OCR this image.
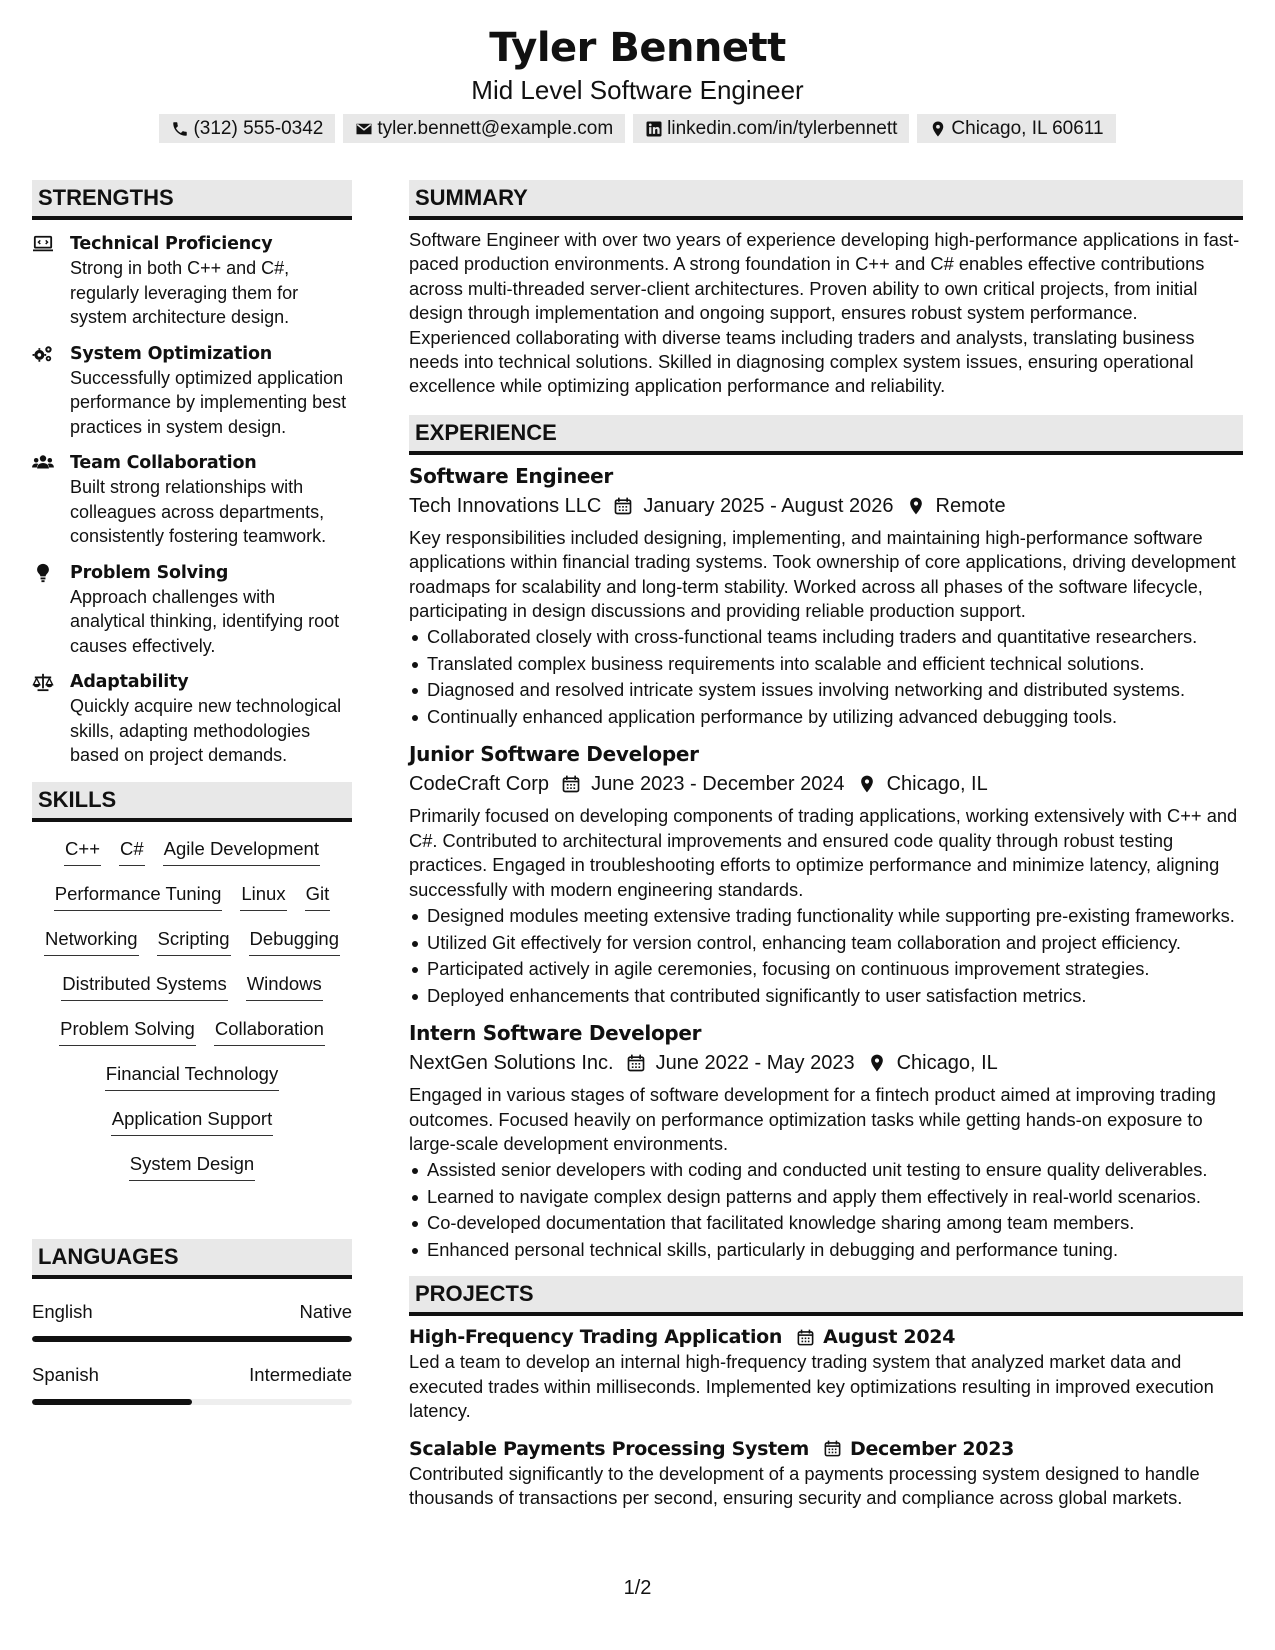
Tyler Bennett
Mid Level Software Engineer
(312) 555-0342	tyler.bennett@example.com	linkedin.com/in/tylerbennett	Chicago, IL 60611
STRENGTHS
Technical Proficiency
Strong in both C++ and C#, regularly leveraging them for system architecture design.
System Optimization
Successfully optimized application performance by implementing best practices in system design.
Team Collaboration
Built strong relationships with colleagues across departments, consistently fostering teamwork.
Problem Solving
Approach challenges with analytical thinking, identifying root causes effectively.
Adaptability
Quickly acquire new technological skills, adapting methodologies based on project demands.
SKILLS
C++ C# Agile Development
Performance Tuning Linux Git
Networking Scripting Debugging
Distributed Systems Windows
Problem Solving Collaboration
Financial Technology
Application Support
System Design
LANGUAGES
English	Native
Spanish	Intermediate
SUMMARY
Software Engineer with over two years of experience developing high-performance applications in fast-paced production environments. A strong foundation in C++ and C# enables effective contributions across multi-threaded server-client architectures. Proven ability to own critical projects, from initial design through implementation and ongoing support, ensures robust system performance. Experienced collaborating with diverse teams including traders and analysts, translating business needs into technical solutions. Skilled in diagnosing complex system issues, ensuring operational excellence while optimizing application performance and reliability.
EXPERIENCE
Software Engineer
Tech Innovations LLC January 2025 - August 2026 Remote
Key responsibilities included designing, implementing, and maintaining high-performance software applications within financial trading systems. Took ownership of core applications, driving development roadmaps for scalability and long-term stability. Worked across all phases of the software lifecycle, participating in design discussions and providing reliable production support.
Collaborated closely with cross-functional teams including traders and quantitative researchers.
Translated complex business requirements into scalable and efficient technical solutions.
Diagnosed and resolved intricate system issues involving networking and distributed systems.
Continually enhanced application performance by utilizing advanced debugging tools.
Junior Software Developer
CodeCraft Corp June 2023 - December 2024 Chicago, IL
Primarily focused on developing components of trading applications, working extensively with C++ and C#. Contributed to architectural improvements and ensured code quality through robust testing practices. Engaged in troubleshooting efforts to optimize performance and minimize latency, aligning successfully with modern engineering standards.
Designed modules meeting extensive trading functionality while supporting pre-existing frameworks.
Utilized Git effectively for version control, enhancing team collaboration and project efficiency.
Participated actively in agile ceremonies, focusing on continuous improvement strategies.
Deployed enhancements that contributed significantly to user satisfaction metrics.
Intern Software Developer
NextGen Solutions Inc. June 2022 - May 2023 Chicago, IL
Engaged in various stages of software development for a fintech product aimed at improving trading outcomes. Focused heavily on performance optimization tasks while getting hands-on exposure to large-scale development environments.
Assisted senior developers with coding and conducted unit testing to ensure quality deliverables.
Learned to navigate complex design patterns and apply them effectively in real-world scenarios.
Co-developed documentation that facilitated knowledge sharing among team members.
Enhanced personal technical skills, particularly in debugging and performance tuning.
PROJECTS
High-Frequency Trading Application August 2024
Led a team to develop an internal high-frequency trading system that analyzed market data and executed trades within milliseconds. Implemented key optimizations resulting in improved execution latency.
Scalable Payments Processing System December 2023
Contributed significantly to the development of a payments processing system designed to handle thousands of transactions per second, ensuring security and compliance across global markets.
1/2
